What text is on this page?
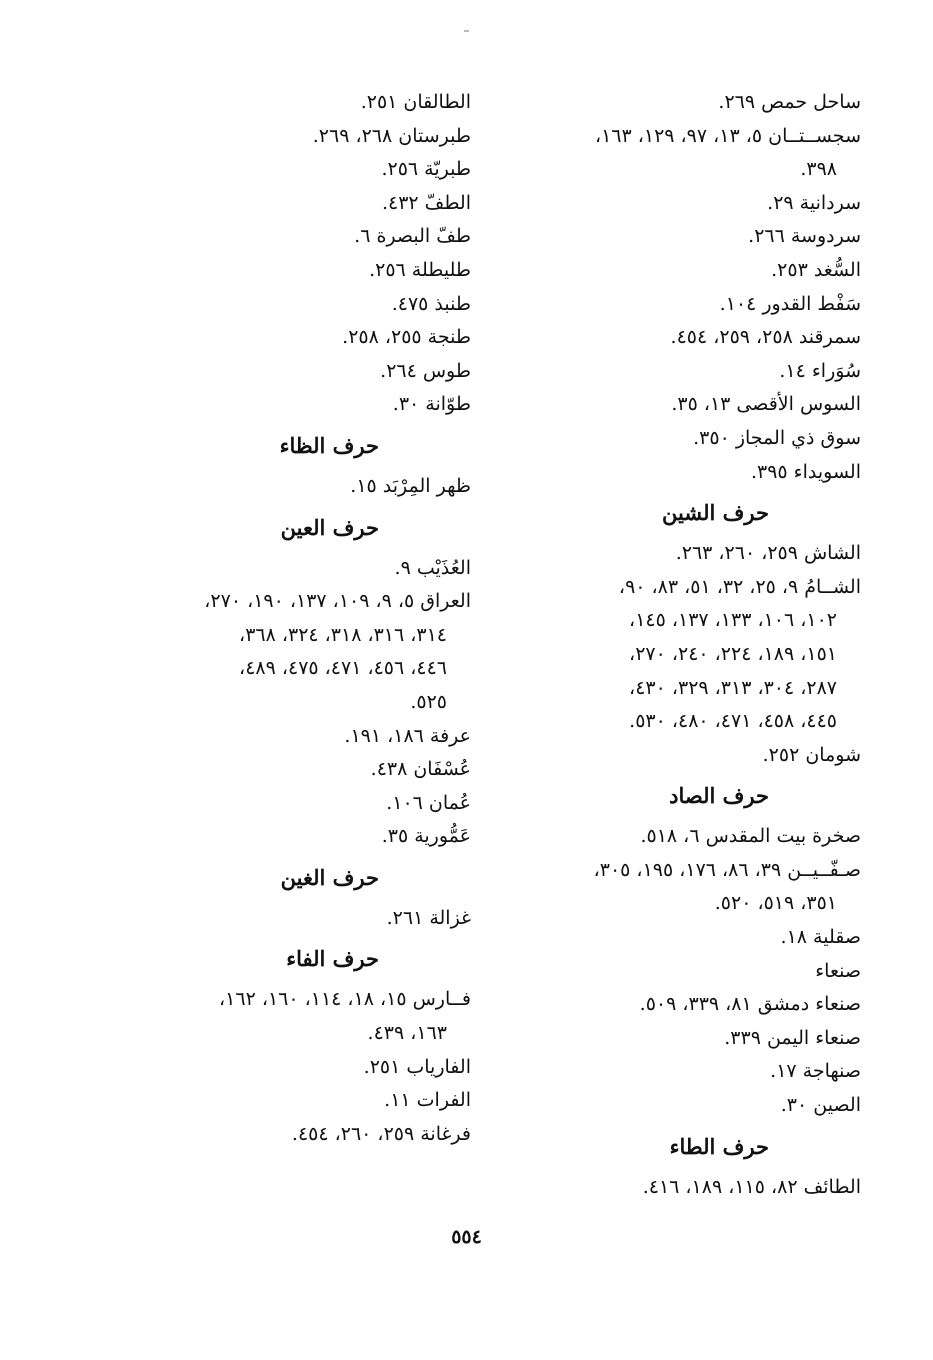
ساحل حمص ٢٦٩.
سجســتــان ٥، ١٣، ٩٧، ١٢٩، ١٦٣،
٣٩٨.
سردانية ٢٩.
سردوسة ٢٦٦.
السُّغد ٢٥٣.
سَفْط القدور ١٠٤.
سمرقند ٢٥٨، ٢٥٩، ٤٥٤.
سُوَراء ١٤.
السوس الأقصى ١٣، ٣٥.
سوق ذي المجاز ٣٥٠.
السويداء ٣٩٥.
حرف الشين
الشاش ٢٥٩، ٢٦٠، ٢٦٣.
الشــامُ ٩، ٢٥، ٣٢، ٥١، ٨٣، ٩٠،
١٠٢، ١٠٦، ١٣٣، ١٣٧، ١٤٥،
١٥١، ١٨٩، ٢٢٤، ٢٤٠، ٢٧٠،
٢٨٧، ٣٠٤، ٣١٣، ٣٢٩، ٤٣٠،
٤٤٥، ٤٥٨، ٤٧١، ٤٨٠، ٥٣٠.
شومان ٢٥٢.
حرف الصاد
صخرة بيت المقدس ٦، ٥١٨.
صـفّــيــن ٣٩، ٨٦، ١٧٦، ١٩٥، ٣٠٥،
٣٥١، ٥١٩، ٥٢٠.
صقلية ١٨.
صنعاء
صنعاء دمشق ٨١، ٣٣٩، ٥٠٩.
صنعاء اليمن ٣٣٩.
صنهاجة ١٧.
الصين ٣٠.
حرف الطاء
الطائف ٨٢، ١١٥، ١٨٩، ٤١٦.
الطالقان ٢٥١.
طبرستان ٢٦٨، ٢٦٩.
طبريّة ٢٥٦.
الطفّ ٤٣٢.
طفّ البصرة ٦.
طليطلة ٢٥٦.
طنبذ ٤٧٥.
طنجة ٢٥٥، ٢٥٨.
طوس ٢٦٤.
طوّانة ٣٠.
حرف الظاء
ظهر المِرْبَد ١٥.
حرف العين
العُذَيْب ٩.
العراق ٥، ٩، ١٠٩، ١٣٧، ١٩٠، ٢٧٠،
٣١٤، ٣١٦، ٣١٨، ٣٢٤، ٣٦٨،
٤٤٦، ٤٥٦، ٤٧١، ٤٧٥، ٤٨٩،
٥٢٥.
عرفة ١٨٦، ١٩١.
عُسْفَان ٤٣٨.
عُمان ١٠٦.
عَمُّورية ٣٥.
حرف الغين
غزالة ٢٦١.
حرف الفاء
فــارس ١٥، ١٨، ١١٤، ١٦٠، ١٦٢،
١٦٣، ٤٣٩.
الفارياب ٢٥١.
الفرات ١١.
فرغانة ٢٥٩، ٢٦٠، ٤٥٤.
٥٥٤
